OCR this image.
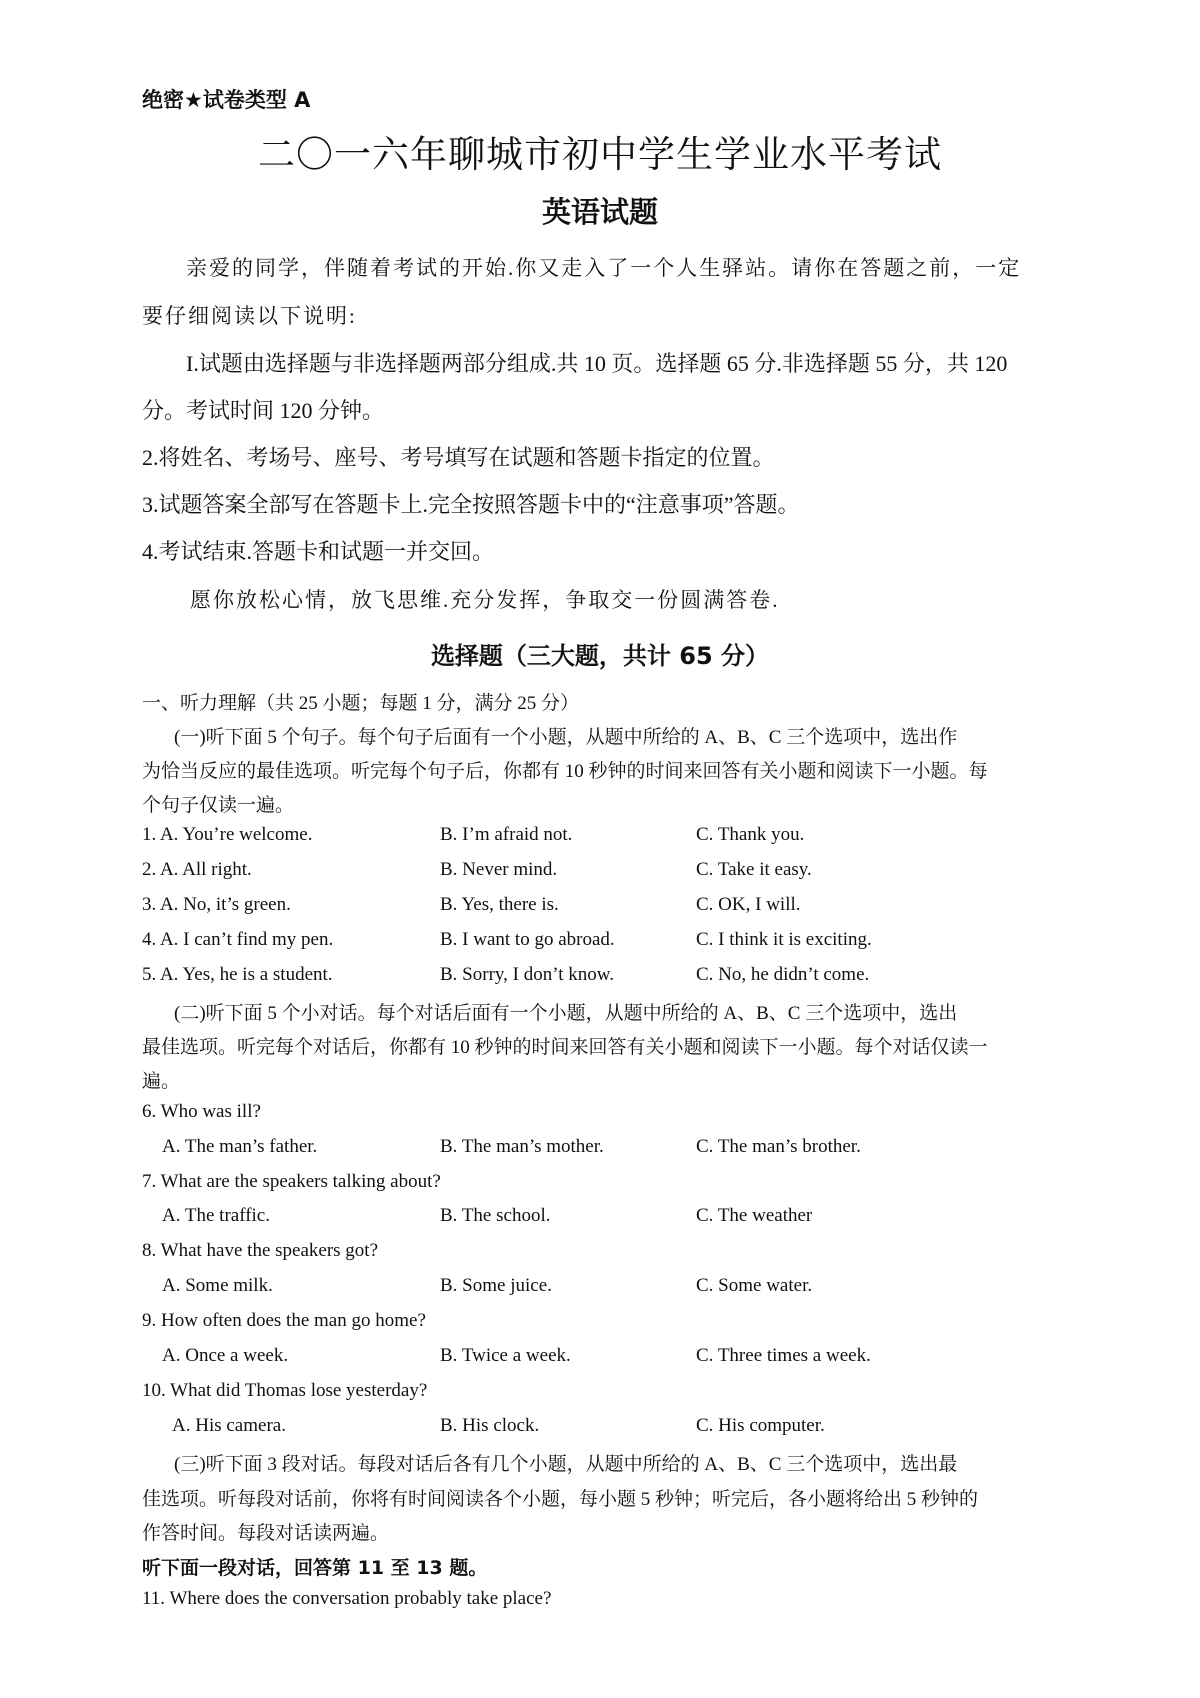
绝密★试卷类型 A
二〇一六年聊城市初中学生学业水平考试
英语试题
亲爱的同学，伴随着考试的开始.你又走入了一个人生驿站。请你在答题之前，一定
要仔细阅读以下说明:
I.试题由选择题与非选择题两部分组成.共 10 页。选择题 65 分.非选择题 55 分，共 120
分。考试时间 120 分钟。
2.将姓名、考场号、座号、考号填写在试题和答题卡指定的位置。
3.试题答案全部写在答题卡上.完全按照答题卡中的“注意事项”答题。
4.考试结束.答题卡和试题一并交回。
愿你放松心情，放飞思维.充分发挥，争取交一份圆满答卷.
选择题（三大题，共计 65 分）
一、听力理解（共 25 小题；每题 1 分，满分 25 分）
(一)听下面 5 个句子。每个句子后面有一个小题，从题中所给的 A、B、C 三个选项中，选出作
为恰当反应的最佳选项。听完每个句子后，你都有 10 秒钟的时间来回答有关小题和阅读下一小题。每
个句子仅读一遍。
1. A. You’re welcome.	B. I’m afraid not.	C. Thank you.
2. A. All right.	B. Never mind.	C. Take it easy.
3. A. No, it’s green.	B. Yes, there is.	C. OK, I will.
4. A. I can’t find my pen.	B. I want to go abroad.	C. I think it is exciting.
5. A. Yes, he is a student.	B. Sorry, I don’t know.	C. No, he didn’t come.
(二)听下面 5 个小对话。每个对话后面有一个小题，从题中所给的 A、B、C 三个选项中，选出
最佳选项。听完每个对话后，你都有 10 秒钟的时间来回答有关小题和阅读下一小题。每个对话仅读一
遍。
6. Who was ill?
A. The man’s father.	B. The man’s mother.	C. The man’s brother.
7. What are the speakers talking about?
A. The traffic.	B. The school.	C. The weather
8. What have the speakers got?
A. Some milk.	B. Some juice.	C. Some water.
9. How often does the man go home?
A. Once a week.	B. Twice a week.	C. Three times a week.
10. What did Thomas lose yesterday?
A. His camera.	B. His clock.	C. His computer.
(三)听下面 3 段对话。每段对话后各有几个小题，从题中所给的 A、B、C 三个选项中，选出最
佳选项。听每段对话前，你将有时间阅读各个小题，每小题 5 秒钟；听完后，各小题将给出 5 秒钟的
作答时间。每段对话读两遍。
听下面一段对话，回答第 11 至 13 题。
11. Where does the conversation probably take place?
